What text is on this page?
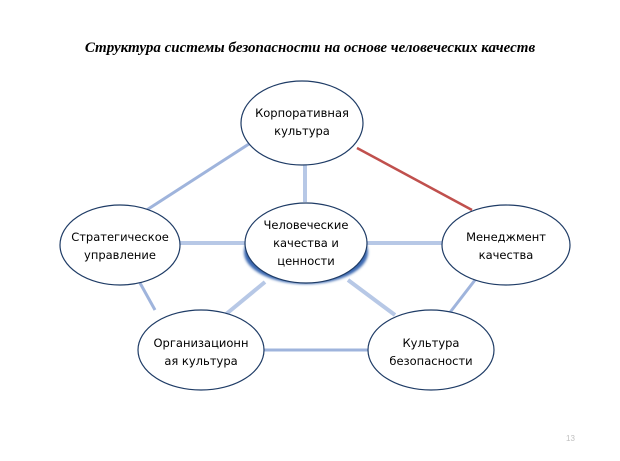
Структура системы безопасности на основе человеческих качеств
Человеческие
качества и
ценности
Корпоративная
культура
Стратегическое
управление
Менеджмент
качества
Организационн
ая культура
Культура
безопасности
13
